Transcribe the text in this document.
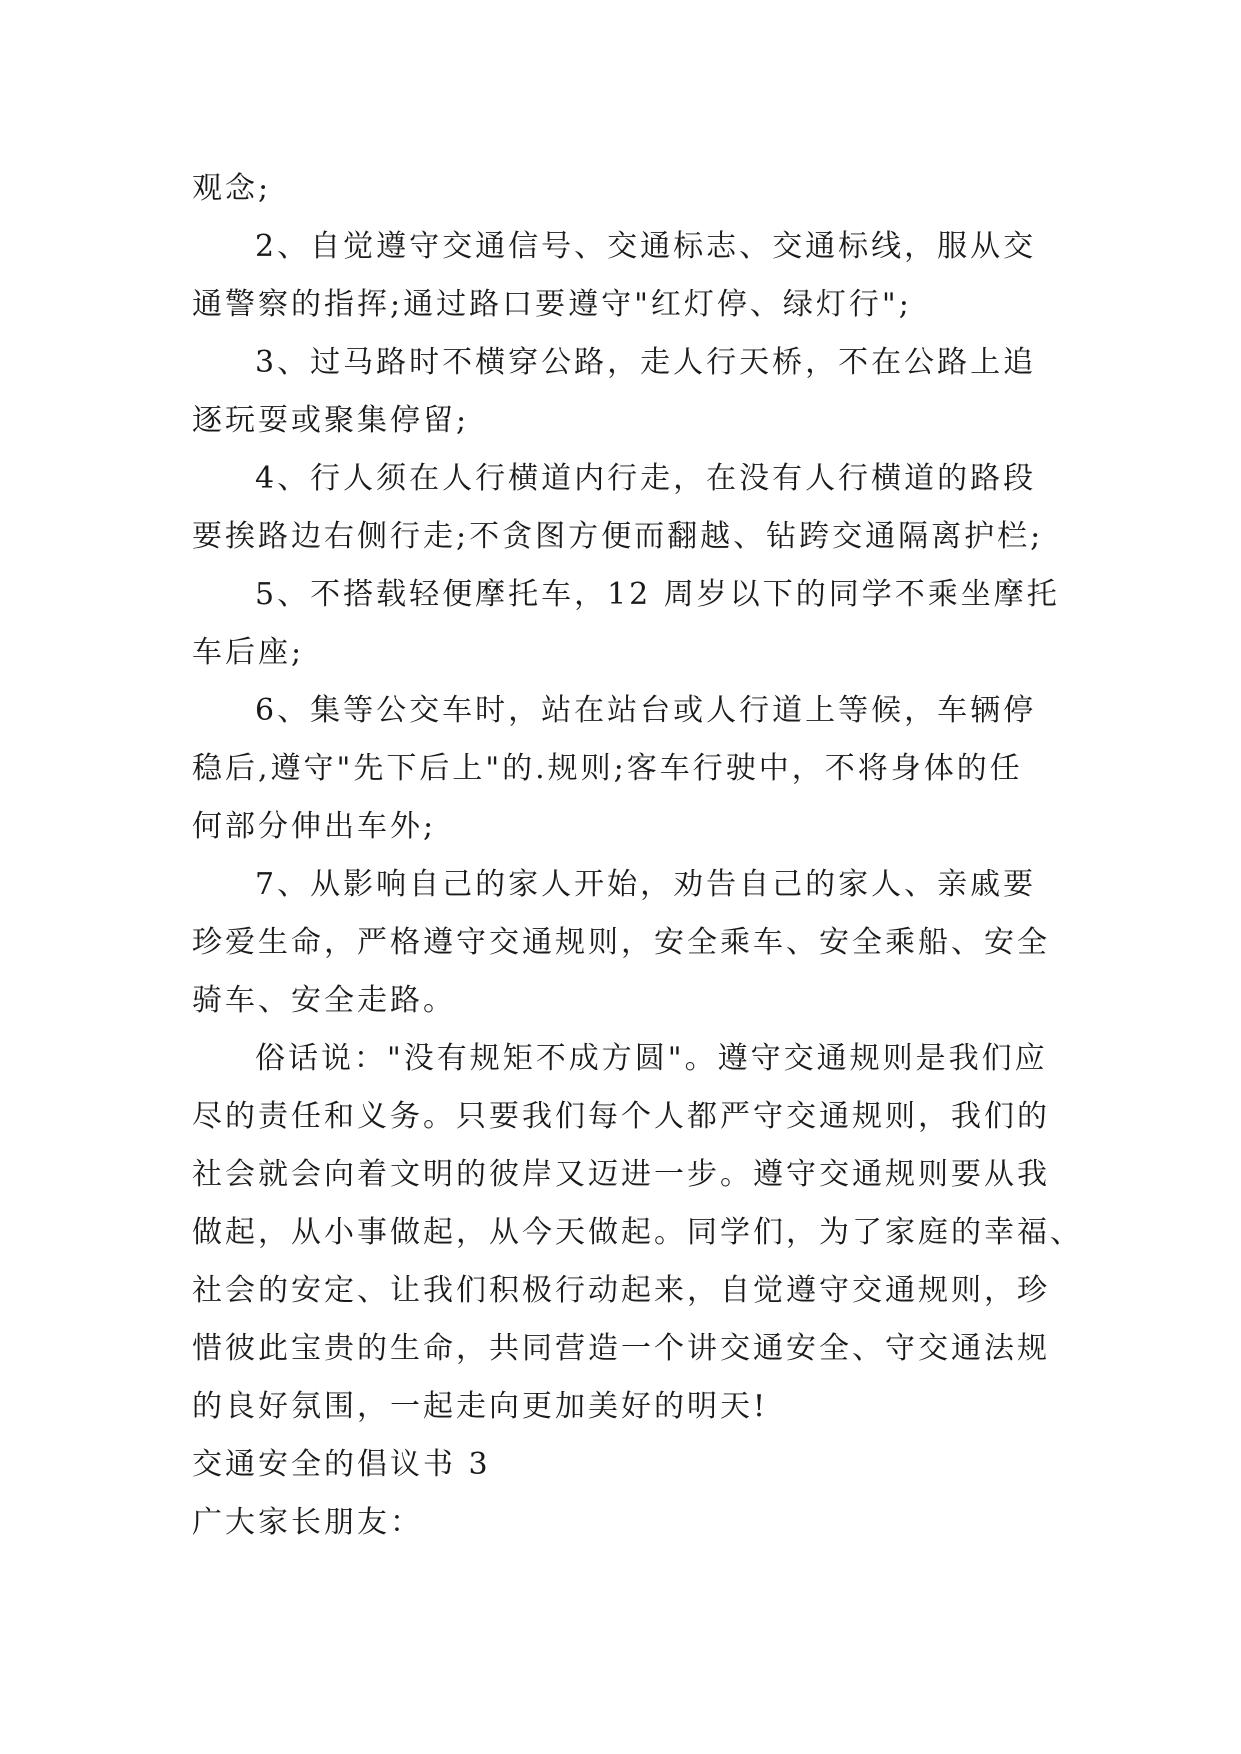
观念;
2、自觉遵守交通信号、交通标志、交通标线，服从交
通警察的指挥;通过路口要遵守"红灯停、绿灯行";
3、过马路时不横穿公路，走人行天桥，不在公路上追
逐玩耍或聚集停留;
4、行人须在人行横道内行走，在没有人行横道的路段
要挨路边右侧行走;不贪图方便而翻越、钻跨交通隔离护栏;
5、不搭载轻便摩托车，12 周岁以下的同学不乘坐摩托
车后座;
6、集等公交车时，站在站台或人行道上等候，车辆停
稳后,遵守"先下后上"的.规则;客车行驶中，不将身体的任
何部分伸出车外;
7、从影响自己的家人开始，劝告自己的家人、亲戚要
珍爱生命，严格遵守交通规则，安全乘车、安全乘船、安全
骑车、安全走路。
俗话说："没有规矩不成方圆"。遵守交通规则是我们应
尽的责任和义务。只要我们每个人都严守交通规则，我们的
社会就会向着文明的彼岸又迈进一步。遵守交通规则要从我
做起，从小事做起，从今天做起。同学们，为了家庭的幸福、
社会的安定、让我们积极行动起来，自觉遵守交通规则，珍
惜彼此宝贵的生命，共同营造一个讲交通安全、守交通法规
的良好氛围，一起走向更加美好的明天!
交通安全的倡议书 3
广大家长朋友：
